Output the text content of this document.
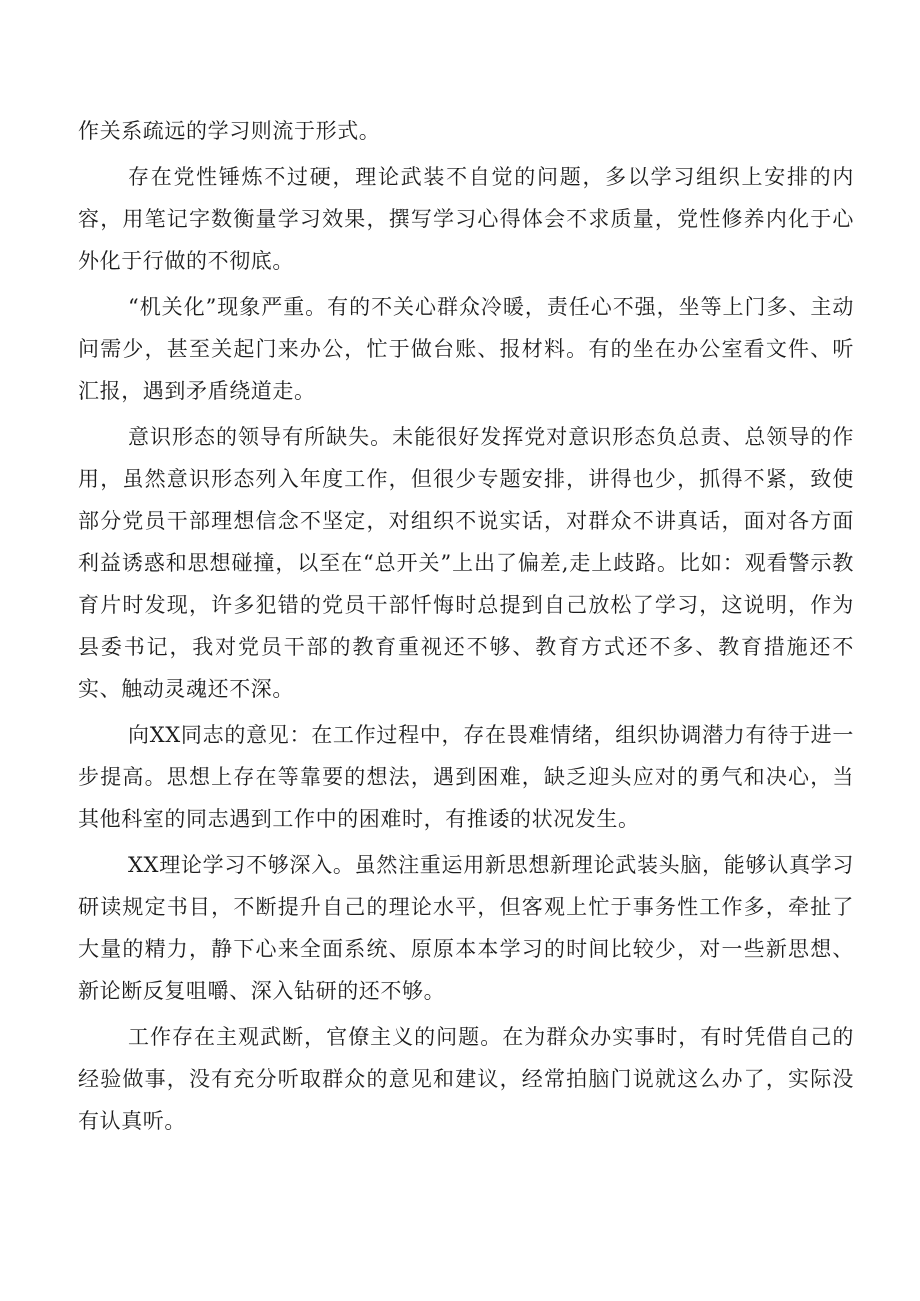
作关系疏远的学习则流于形式。

存在党性锤炼不过硬，理论武装不自觉的问题，多以学习组织上安排的内容，用笔记字数衡量学习效果，撰写学习心得体会不求质量，党性修养内化于心外化于行做的不彻底。

“机关化”现象严重。有的不关心群众冷暖，责任心不强，坐等上门多、主动问需少，甚至关起门来办公，忙于做台账、报材料。有的坐在办公室看文件、听汇报，遇到矛盾绕道走。

意识形态的领导有所缺失。未能很好发挥党对意识形态负总责、总领导的作用，虽然意识形态列入年度工作，但很少专题安排，讲得也少，抓得不紧，致使部分党员干部理想信念不坚定，对组织不说实话，对群众不讲真话，面对各方面利益诱惑和思想碰撞，以至在“总开关”上出了偏差,走上歧路。比如：观看警示教育片时发现，许多犯错的党员干部忏悔时总提到自己放松了学习，这说明，作为县委书记，我对党员干部的教育重视还不够、教育方式还不多、教育措施还不实、触动灵魂还不深。

向XX同志的意见：在工作过程中，存在畏难情绪，组织协调潜力有待于进一步提高。思想上存在等靠要的想法，遇到困难，缺乏迎头应对的勇气和决心，当其他科室的同志遇到工作中的困难时，有推诿的状况发生。

XX理论学习不够深入。虽然注重运用新思想新理论武装头脑，能够认真学习研读规定书目，不断提升自己的理论水平，但客观上忙于事务性工作多，牵扯了大量的精力，静下心来全面系统、原原本本学习的时间比较少，对一些新思想、新论断反复咀嚼、深入钻研的还不够。

工作存在主观武断，官僚主义的问题。在为群众办实事时，有时凭借自己的经验做事，没有充分听取群众的意见和建议，经常拍脑门说就这么办了，实际没有认真听。
